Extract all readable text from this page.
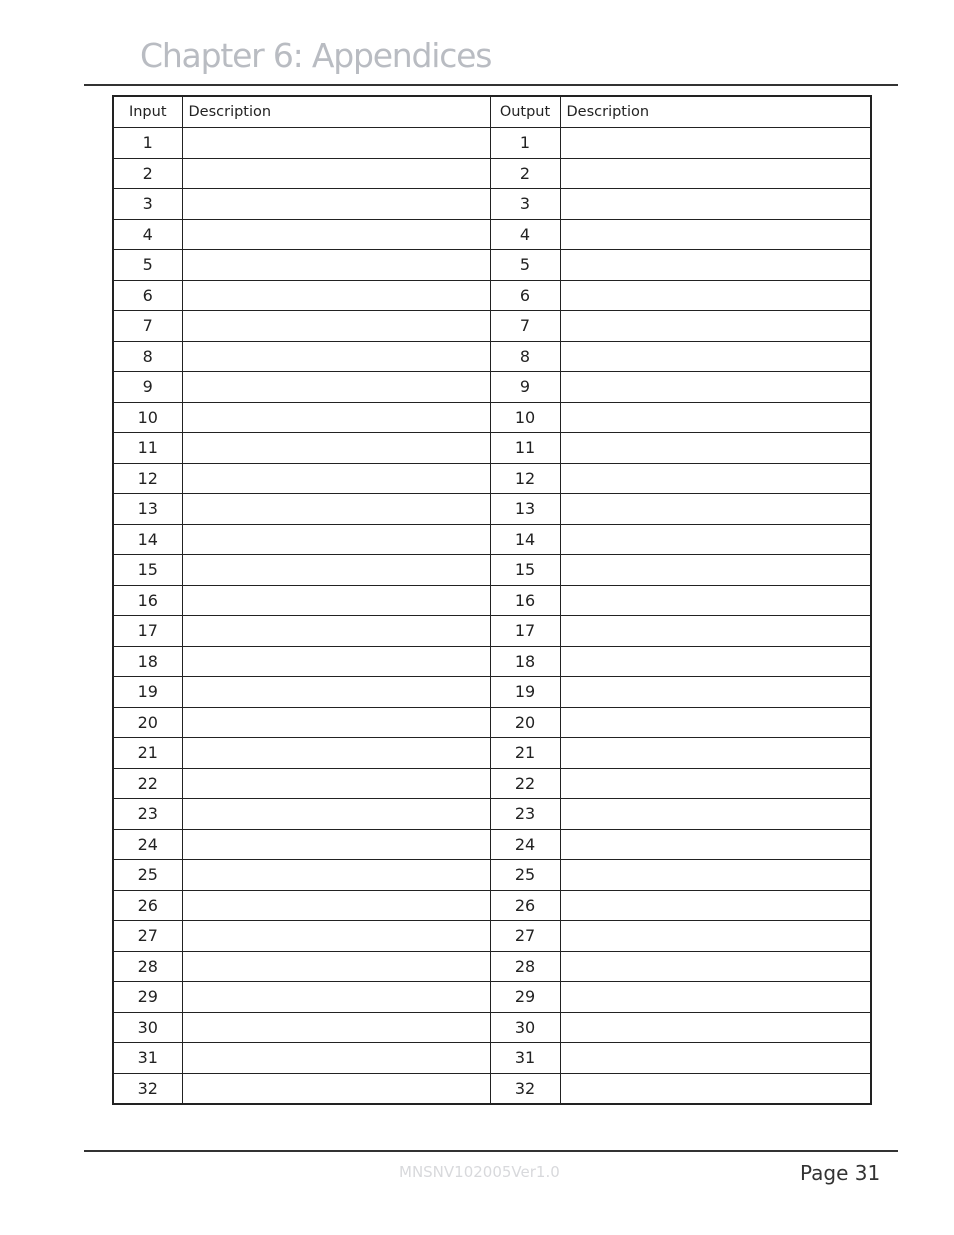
Chapter 6: Appendices
Input	Description	Output	Description
1		1	
2		2	
3		3	
4		4	
5		5	
6		6	
7		7	
8		8	
9		9	
10		10	
11		11	
12		12	
13		13	
14		14	
15		15	
16		16	
17		17	
18		18	
19		19	
20		20	
21		21	
22		22	
23		23	
24		24	
25		25	
26		26	
27		27	
28		28	
29		29	
30		30	
31		31	
32		32	
MNSNV102005Ver1.0	Page 31
